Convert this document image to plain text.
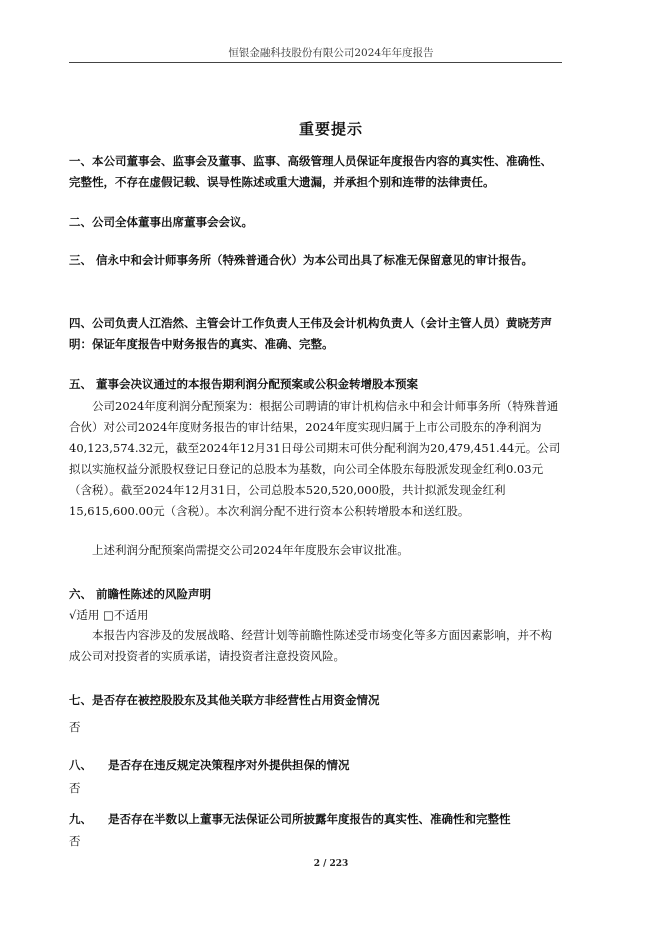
恒银金融科技股份有限公司2024年年度报告
重要提示
一、本公司董事会、监事会及董事、监事、高级管理人员保证年度报告内容的真实性、准确性、完整性，不存在虚假记载、误导性陈述或重大遗漏，并承担个别和连带的法律责任。
二、公司全体董事出席董事会会议。
三、 信永中和会计师事务所（特殊普通合伙）为本公司出具了标准无保留意见的审计报告。
四、公司负责人江浩然、主管会计工作负责人王伟及会计机构负责人（会计主管人员）黄晓芳声明：保证年度报告中财务报告的真实、准确、完整。
五、 董事会决议通过的本报告期利润分配预案或公积金转增股本预案
公司2024年度利润分配预案为：根据公司聘请的审计机构信永中和会计师事务所（特殊普通合伙）对公司2024年度财务报告的审计结果，2024年度实现归属于上市公司股东的净利润为40,123,574.32元，截至2024年12月31日母公司期末可供分配利润为20,479,451.44元。公司拟以实施权益分派股权登记日登记的总股本为基数，向公司全体股东每股派发现金红利0.03元（含税）。截至2024年12月31日，公司总股本520,520,000股，共计拟派发现金红利15,615,600.00元（含税）。本次利润分配不进行资本公积转增股本和送红股。
上述利润分配预案尚需提交公司2024年年度股东会审议批准。
六、 前瞻性陈述的风险声明
√适用 □不适用
本报告内容涉及的发展战略、经营计划等前瞻性陈述受市场变化等多方面因素影响，并不构成公司对投资者的实质承诺，请投资者注意投资风险。
七、是否存在被控股股东及其他关联方非经营性占用资金情况
否
八、 是否存在违反规定决策程序对外提供担保的情况
否
九、 是否存在半数以上董事无法保证公司所披露年度报告的真实性、准确性和完整性
否
2 / 223
